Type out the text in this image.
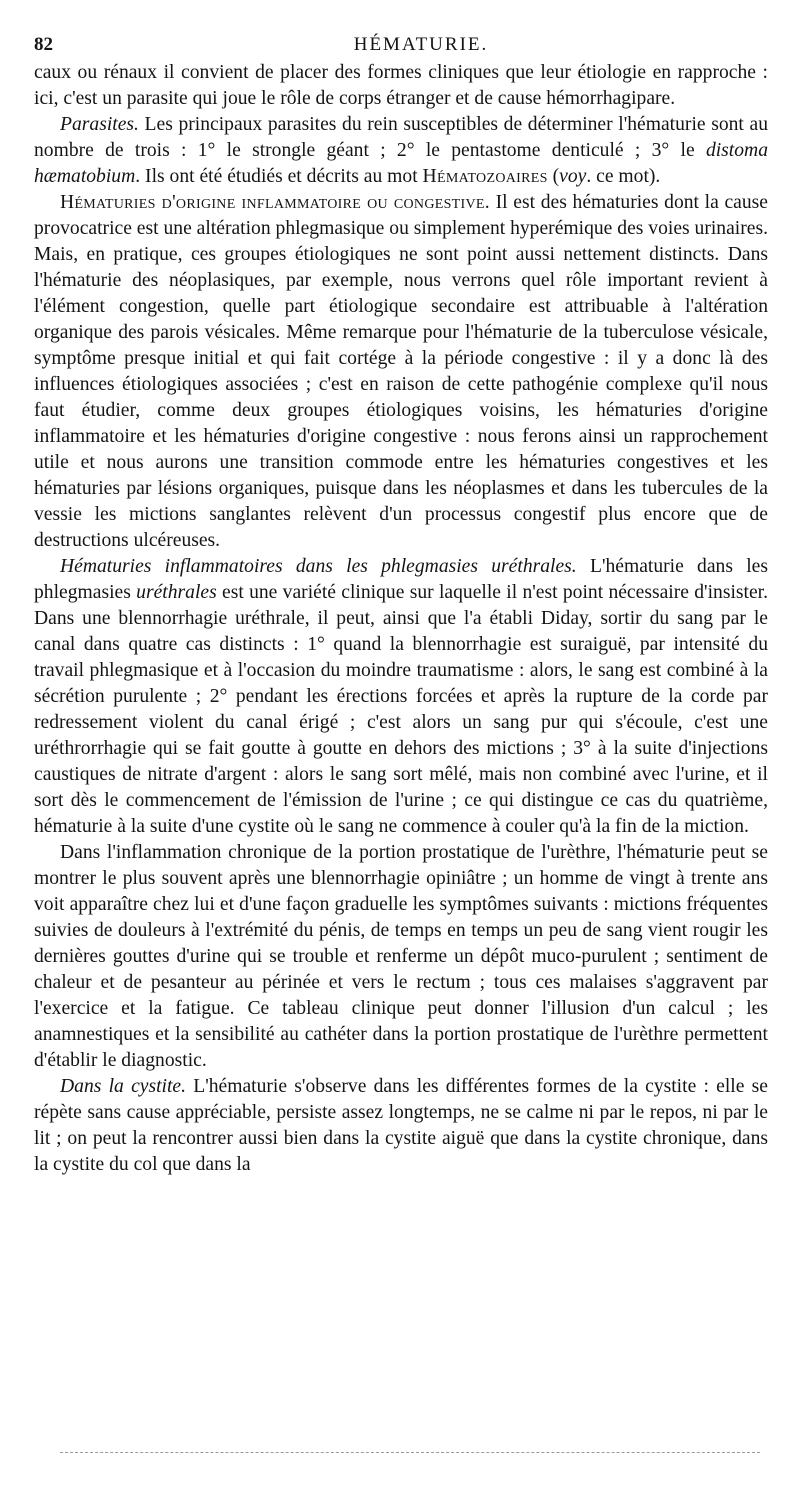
82	HÉMATURIE.

caux ou rénaux il convient de placer des formes cliniques que leur étiologie en rapproche : ici, c'est un parasite qui joue le rôle de corps étranger et de cause hémorrhagipare.

Parasites. Les principaux parasites du rein susceptibles de déterminer l'hématurie sont au nombre de trois : 1° le strongle géant ; 2° le pentastome denticulé ; 3° le distoma hæmatobium. Ils ont été étudiés et décrits au mot Hématozoaires (voy. ce mot).

Hématuries d'origine inflammatoire ou congestive. Il est des hématuries dont la cause provocatrice est une altération phlegmasique ou simplement hyperémique des voies urinaires. Mais, en pratique, ces groupes étiologiques ne sont point aussi nettement distincts. Dans l'hématurie des néoplasiques, par exemple, nous verrons quel rôle important revient à l'élément congestion, quelle part étiologique secondaire est attribuable à l'altération organique des parois vésicales. Même remarque pour l'hématurie de la tuberculose vésicale, symptôme presque initial et qui fait cortége à la période congestive : il y a donc là des influences étiologiques associées ; c'est en raison de cette pathogénie complexe qu'il nous faut étudier, comme deux groupes étiologiques voisins, les hématuries d'origine inflammatoire et les hématuries d'origine congestive : nous ferons ainsi un rapprochement utile et nous aurons une transition commode entre les hématuries congestives et les hématuries par lésions organiques, puisque dans les néoplasmes et dans les tubercules de la vessie les mictions sanglantes relèvent d'un processus congestif plus encore que de destructions ulcéreuses.

Hématuries inflammatoires dans les phlegmasies uréthrales. L'hématurie dans les phlegmasies uréthrales est une variété clinique sur laquelle il n'est point nécessaire d'insister. Dans une blennorrhagie uréthrale, il peut, ainsi que l'a établi Diday, sortir du sang par le canal dans quatre cas distincts : 1° quand la blennorrhagie est suraiguë, par intensité du travail phlegmasique et à l'occasion du moindre traumatisme : alors, le sang est combiné à la sécrétion purulente ; 2° pendant les érections forcées et après la rupture de la corde par redressement violent du canal érigé ; c'est alors un sang pur qui s'écoule, c'est une uréthrorrhagie qui se fait goutte à goutte en dehors des mictions ; 3° à la suite d'injections caustiques de nitrate d'argent : alors le sang sort mêlé, mais non combiné avec l'urine, et il sort dès le commencement de l'émission de l'urine ; ce qui distingue ce cas du quatrième, hématurie à la suite d'une cystite où le sang ne commence à couler qu'à la fin de la miction.

Dans l'inflammation chronique de la portion prostatique de l'urèthre, l'hématurie peut se montrer le plus souvent après une blennorrhagie opiniâtre ; un homme de vingt à trente ans voit apparaître chez lui et d'une façon graduelle les symptômes suivants : mictions fréquentes suivies de douleurs à l'extrémité du pénis, de temps en temps un peu de sang vient rougir les dernières gouttes d'urine qui se trouble et renferme un dépôt muco-purulent ; sentiment de chaleur et de pesanteur au périnée et vers le rectum ; tous ces malaises s'aggravent par l'exercice et la fatigue. Ce tableau clinique peut donner l'illusion d'un calcul ; les anamnestiques et la sensibilité au cathéter dans la portion prostatique de l'urèthre permettent d'établir le diagnostic.

Dans la cystite. L'hématurie s'observe dans les différentes formes de la cystite : elle se répète sans cause appréciable, persiste assez longtemps, ne se calme ni par le repos, ni par le lit ; on peut la rencontrer aussi bien dans la cystite aiguë que dans la cystite chronique, dans la cystite du col que dans la
